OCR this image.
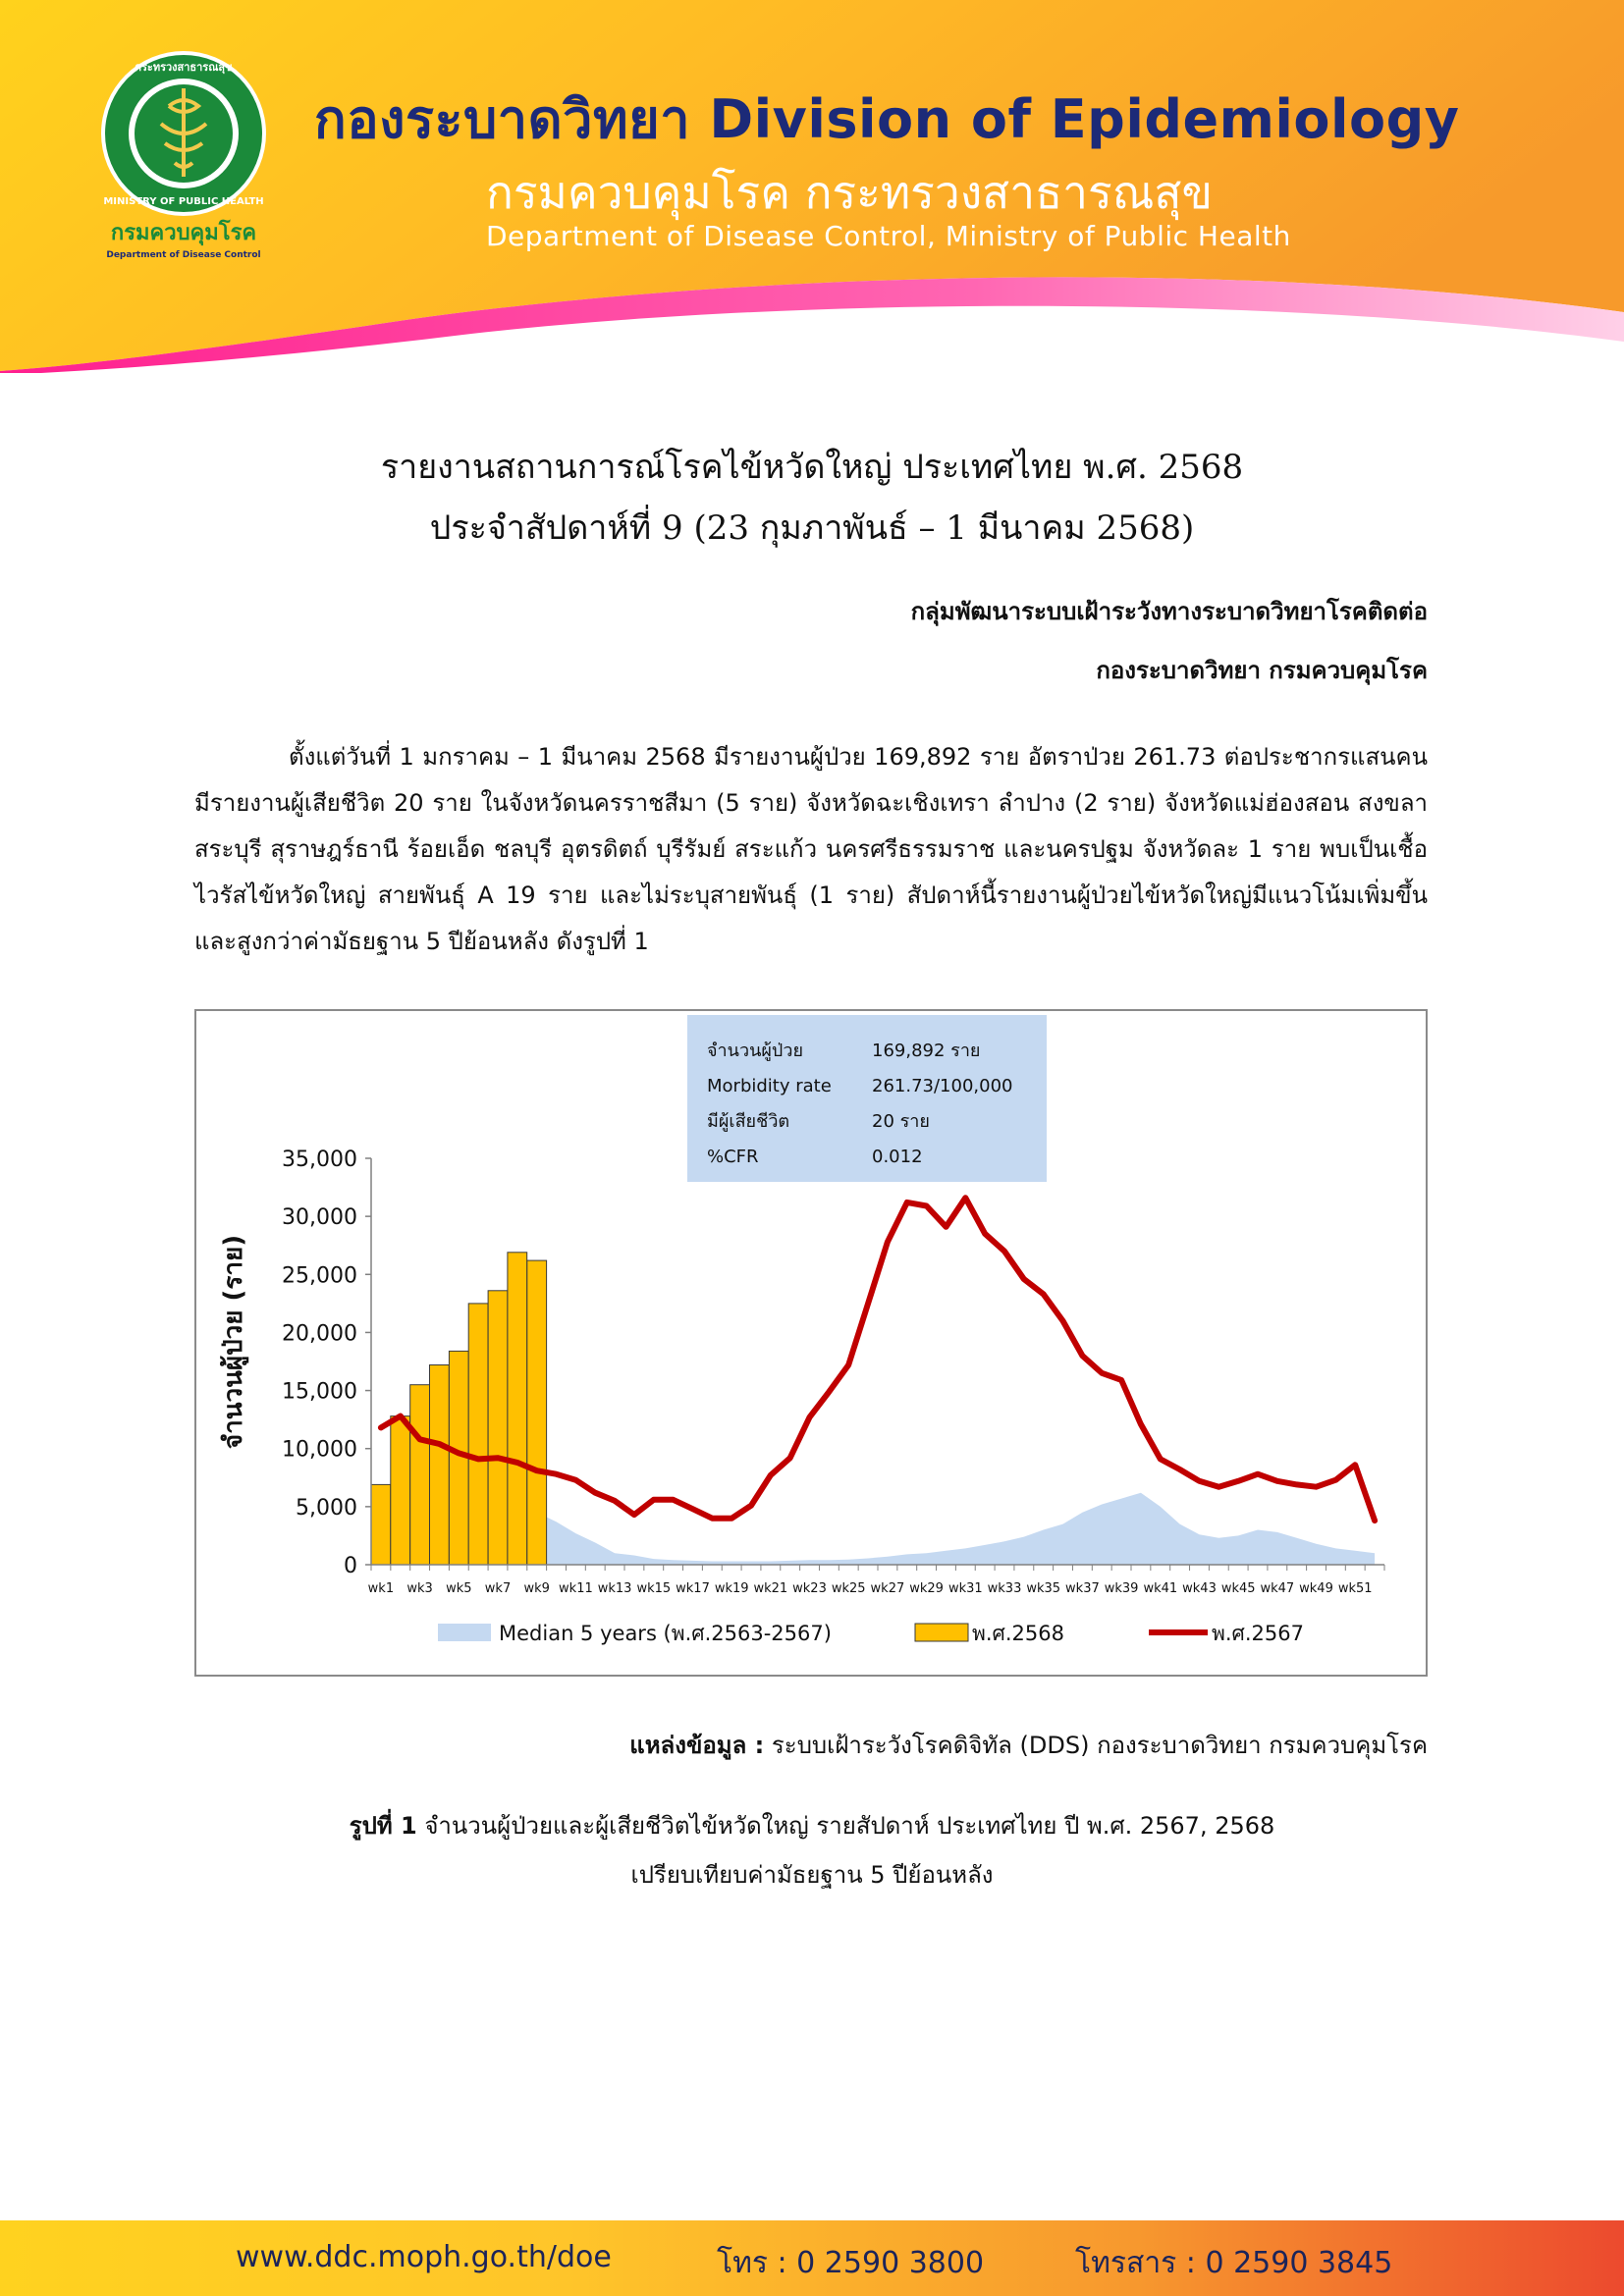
กระทรวงสาธารณสุข
MINISTRY OF PUBLIC HEALTH
กรมควบคุมโรค
Department of Disease Control
กองระบาดวิทยา Division of Epidemiology
กรมควบคุมโรค กระทรวงสาธารณสุข
Department of Disease Control, Ministry of Public Health
รายงานสถานการณ์โรคไข้หวัดใหญ่ ประเทศไทย พ.ศ. 2568
ประจำสัปดาห์ที่ 9 (23 กุมภาพันธ์ – 1 มีนาคม 2568)
กลุ่มพัฒนาระบบเฝ้าระวังทางระบาดวิทยาโรคติดต่อ
กองระบาดวิทยา กรมควบคุมโรค

ตั้งแต่วันที่ 1 มกราคม – 1 มีนาคม 2568 มีรายงานผู้ป่วย 169,892 ราย อัตราป่วย 261.73 ต่อประชากรแสนคน มีรายงานผู้เสียชีวิต 20 ราย ในจังหวัดนครราชสีมา (5 ราย) จังหวัดฉะเชิงเทรา ลำปาง (2 ราย) จังหวัดแม่ฮ่องสอน สงขลา สระบุรี สุราษฎร์ธานี ร้อยเอ็ด ชลบุรี อุตรดิตถ์ บุรีรัมย์ สระแก้ว นครศรีธรรมราช และนครปฐม จังหวัดละ 1 ราย พบเป็นเชื้อไวรัสไข้หวัดใหญ่ สายพันธุ์ A 19 ราย และไม่ระบุสายพันธุ์ (1 ราย) สัปดาห์นี้รายงานผู้ป่วยไข้หวัดใหญ่มีแนวโน้มเพิ่มขึ้นและสูงกว่าค่ามัธยฐาน 5 ปีย้อนหลัง ดังรูปที่ 1

0
5,000
10,000
15,000
20,000
25,000
30,000
35,000
wk1 wk3 wk5 wk7 wk9 wk11 wk13 wk15 wk17 wk19 wk21 wk23 wk25 wk27 wk29 wk31 wk33 wk35 wk37 wk39 wk41 wk43 wk45 wk47 wk49 wk51
จำนวนผู้ป่วย (ราย)
จำนวนผู้ป่วย	169,892 ราย
Morbidity rate 261.73/100,000
มีผู้เสียชีวิต	20 ราย
%CFR	0.012
Median 5 years (พ.ศ.2563-2567)	พ.ศ.2568	พ.ศ.2567
แหล่งข้อมูล : ระบบเฝ้าระวังโรคดิจิทัล (DDS) กองระบาดวิทยา กรมควบคุมโรค
รูปที่ 1 จำนวนผู้ป่วยและผู้เสียชีวิตไข้หวัดใหญ่ รายสัปดาห์ ประเทศไทย ปี พ.ศ. 2567, 2568
เปรียบเทียบค่ามัธยฐาน 5 ปีย้อนหลัง
www.ddc.moph.go.th/doe	โทร : 0 2590 3800	โทรสาร : 0 2590 3845
